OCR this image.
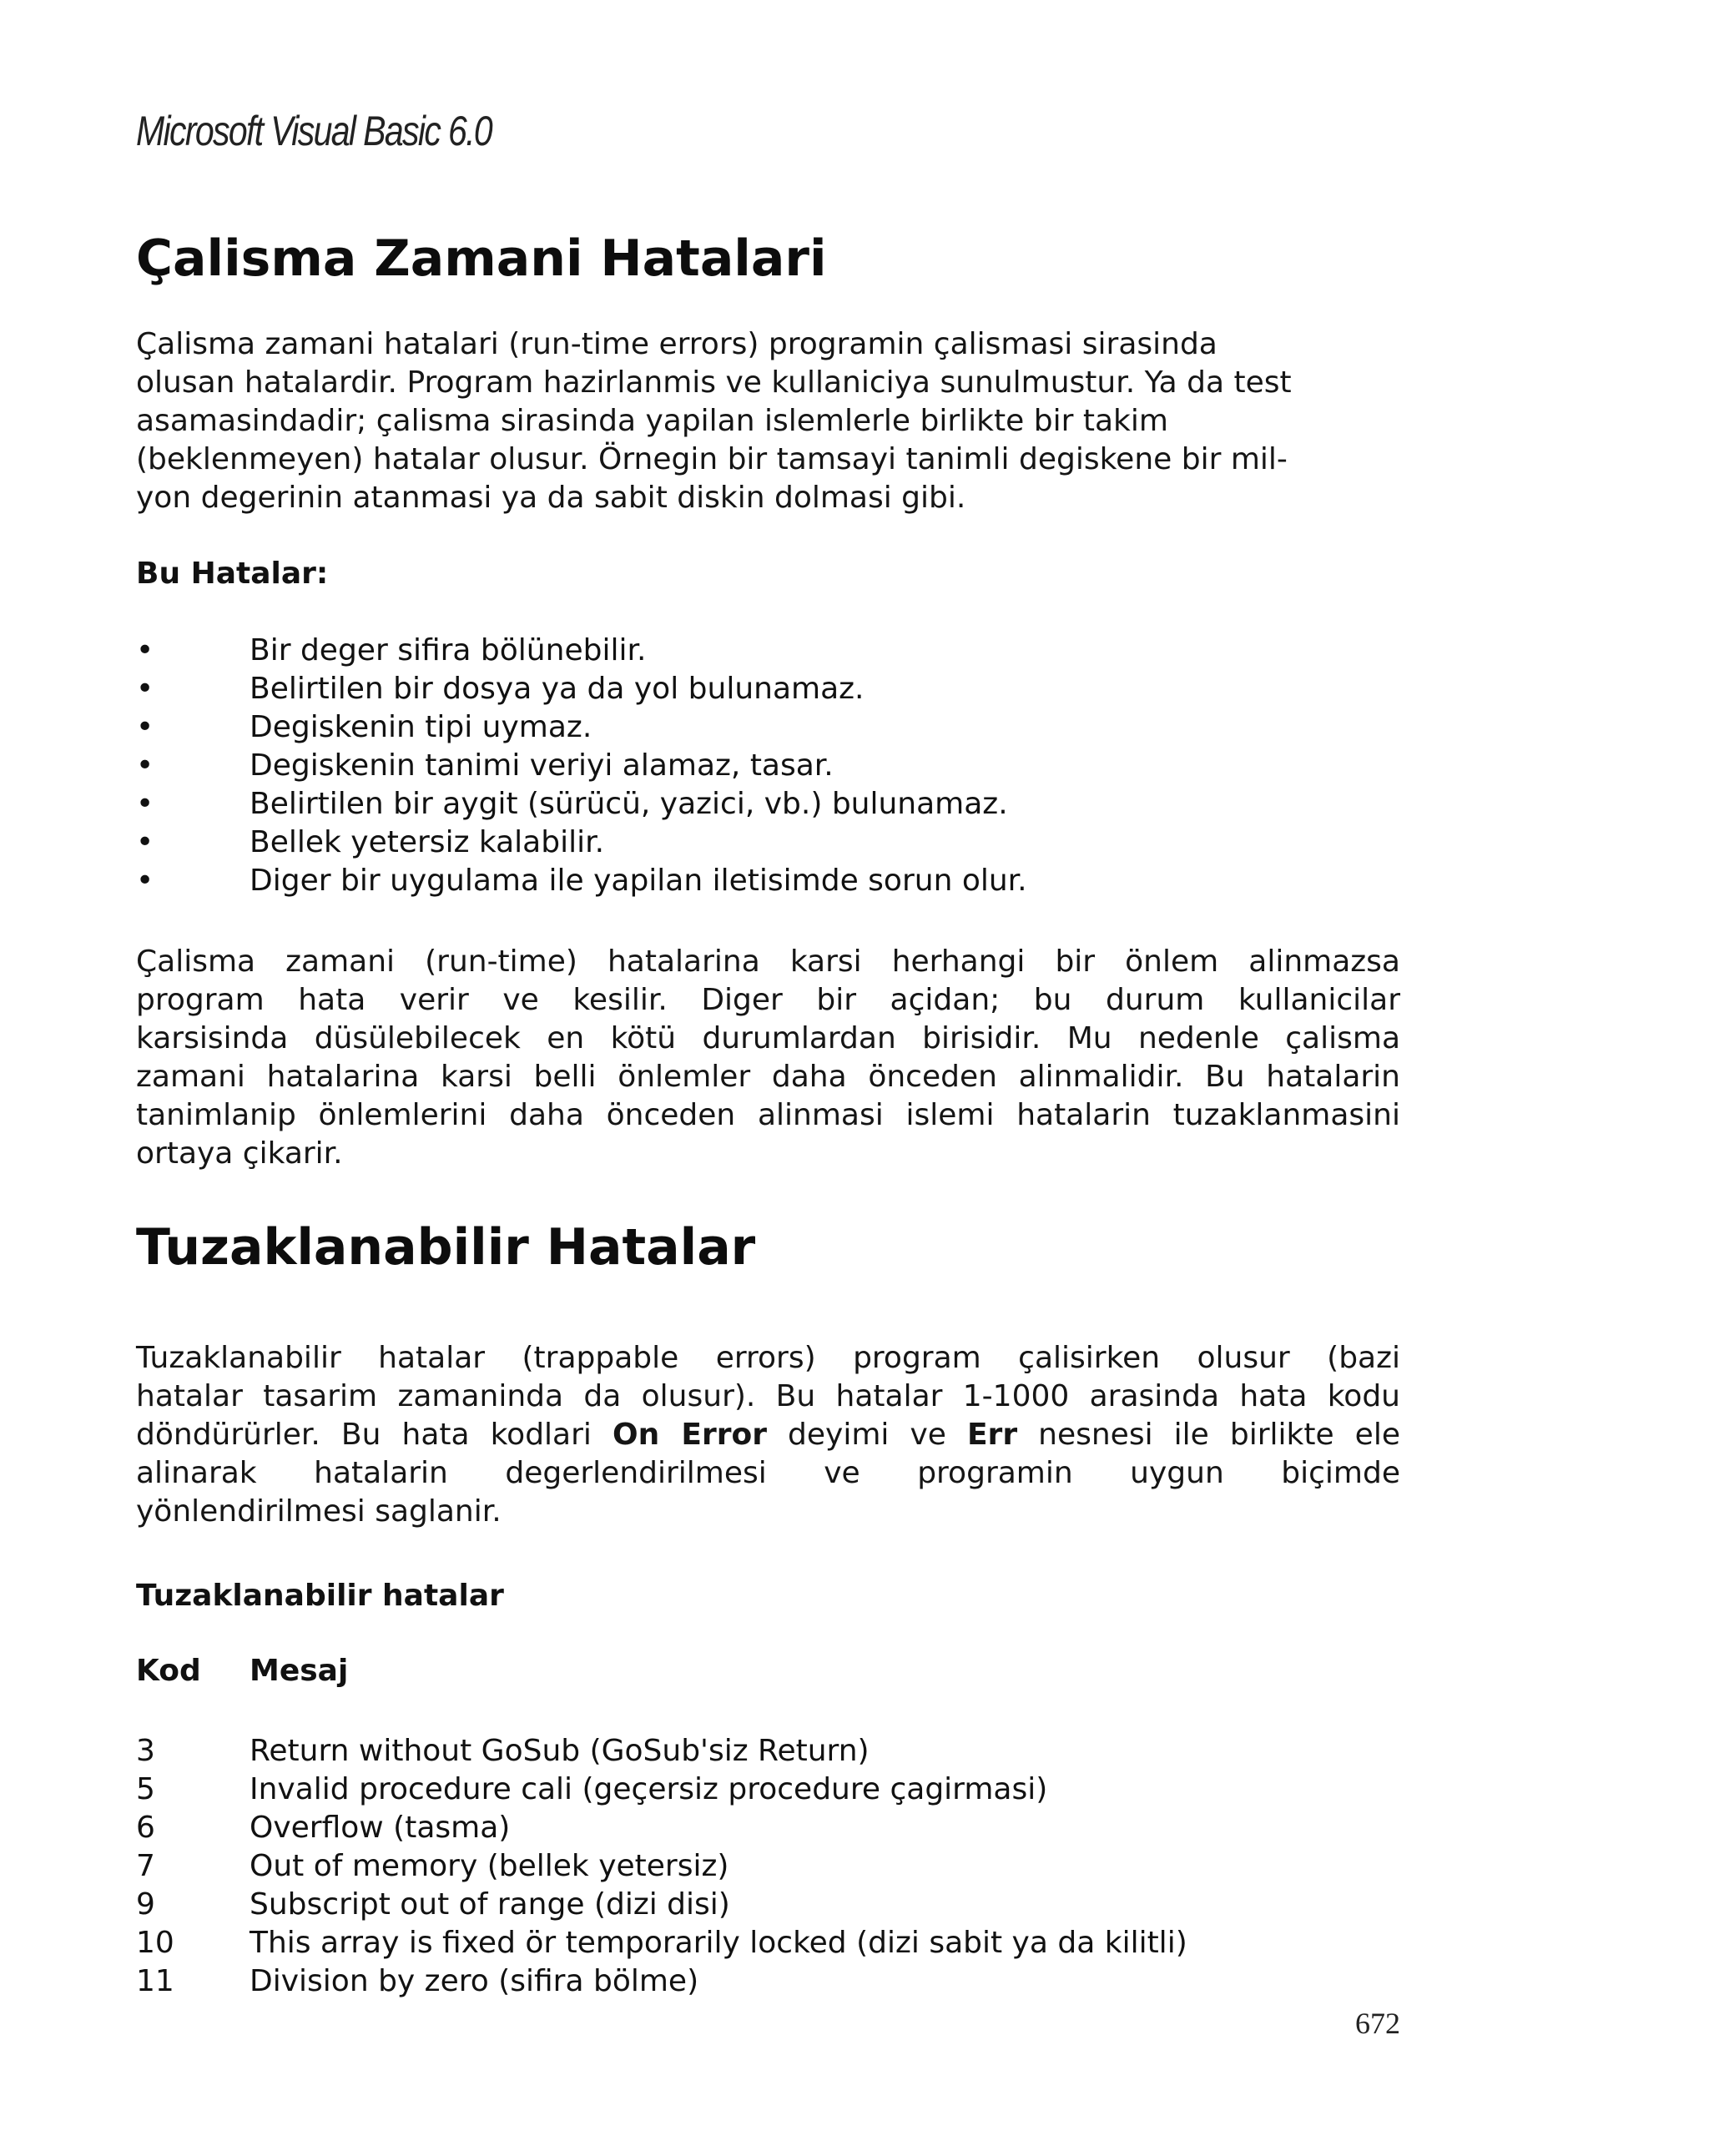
Microsoft Visual Basic 6.0
Çalisma Zamani Hatalari

Çalisma zamani hatalari (run-time errors) programin çalismasi sirasinda
olusan hatalardir. Program hazirlanmis ve kullaniciya sunulmustur. Ya da test
asamasindadir; çalisma sirasinda yapilan islemlerle birlikte bir takim
(beklenmeyen) hatalar olusur. Örnegin bir tamsayi tanimli degiskene bir mil-
yon degerinin atanmasi ya da sabit diskin dolmasi gibi.

Bu Hatalar:
•	Bir deger sifira bölünebilir.
•	Belirtilen bir dosya ya da yol bulunamaz.
•	Degiskenin tipi uymaz.
•	Degiskenin tanimi veriyi alamaz, tasar.
•	Belirtilen bir aygit (sürücü, yazici, vb.) bulunamaz.
•	Bellek yetersiz kalabilir.
•	Diger bir uygulama ile yapilan iletisimde sorun olur.

Çalisma zamani (run-time) hatalarina karsi herhangi bir önlem alinmazsa
program hata verir ve kesilir. Diger bir açidan; bu durum kullanicilar
karsisinda düsülebilecek en kötü durumlardan birisidir. Mu nedenle çalisma
zamani hatalarina karsi belli önlemler daha önceden alinmalidir. Bu hatalarin
tanimlanip önlemlerini daha önceden alinmasi islemi hatalarin tuzaklanmasini
ortaya çikarir.

Tuzaklanabilir Hatalar

Tuzaklanabilir hatalar (trappable errors) program çalisirken olusur (bazi
hatalar tasarim zamaninda da olusur). Bu hatalar 1-1000 arasinda hata kodu
döndürürler. Bu hata kodlari On Error deyimi ve Err nesnesi ile birlikte ele
alinarak hatalarin degerlendirilmesi ve programin uygun biçimde
yönlendirilmesi saglanir.

Tuzaklanabilir hatalar
Kod Mesaj
3	Return without GoSub (GoSub'siz Return)
5	Invalid procedure cali (geçersiz procedure çagirmasi)
6	Overflow (tasma)
7	Out of memory (bellek yetersiz)
9	Subscript out of range (dizi disi)
10	This array is fixed ör temporarily locked (dizi sabit ya da kilitli)
11	Division by zero (sifira bölme)
672
